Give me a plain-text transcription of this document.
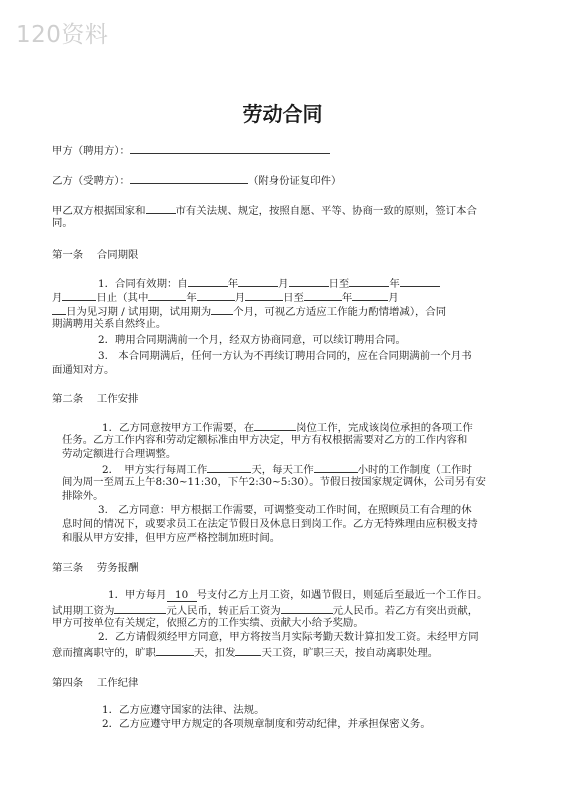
120资料
劳动合同
甲方（聘用方）：
乙方（受聘方）：	（附身份证复印件）
甲乙双方根据国家和	市有关法规、规定，按照自愿、平等、协商一致的原则，签订本合
同。
第一条　 合同期限
1．合同有效期：自	年	月	日至	年
月	日止（其中	年	月	日至	年	月
日为见习期 / 试用期，试用期为 个月，可视乙方适应工作能力酌情增减），合同
期满聘用关系自然终止。
2．聘用合同期满前一个月，经双方协商同意，可以续订聘用合同。
3.　本合同期满后，任何一方认为不再续订聘用合同的，应在合同期满前一个月书
面通知对方。
第二条　 工作安排
1．乙方同意按甲方工作需要，在	岗位工作，完成该岗位承担的各项工作
任务。乙方工作内容和劳动定额标准由甲方决定，甲方有权根据需要对乙方的工作内容和
劳动定额进行合理调整。
2．　甲方实行每周工作	天，每天工作	小时的工作制度（工作时
间为周一至周五上午8:30~11:30，下午2:30~5:30）。节假日按国家规定调休，公司另有安
排除外。
3.　乙方同意：甲方根据工作需要，可调整变动工作时间，在照顾员工有合理的休
息时间的情况下，或要求员工在法定节假日及休息日到岗工作。乙方无特殊理由应积极支持
和服从甲方安排，但甲方应严格控制加班时间。
第三条　 劳务报酬
1．甲方每月 10 号支付乙方上月工资，如遇节假日，则延后至最近一个工作日。
试用期工资为	元人民币，转正后工资为	元人民币。若乙方有突出贡献，
甲方可按单位有关规定，依照乙方的工作实绩、贡献大小给予奖励。
2．乙方请假须经甲方同意，甲方将按当月实际考勤天数计算扣发工资。未经甲方同
意而擅离职守的，旷职	天，扣发	天工资，旷职三天，按自动离职处理。
第四条　 工作纪律
1．乙方应遵守国家的法律、法规。
2．乙方应遵守甲方规定的各项规章制度和劳动纪律，并承担保密义务。
